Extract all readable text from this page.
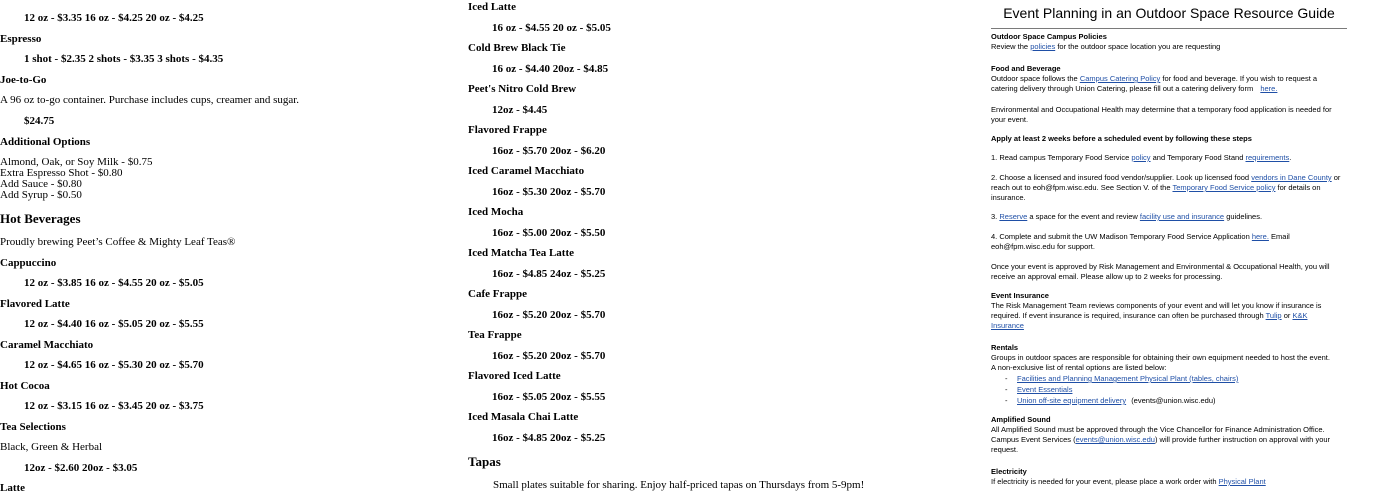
12 oz - $3.35 16 oz - $4.25 20 oz - $4.25
Espresso
1 shot - $2.35 2 shots - $3.35 3 shots - $4.35
Joe-to-Go
A 96 oz to-go container. Purchase includes cups, creamer and sugar.
$24.75
Additional Options
Almond, Oak, or Soy Milk - $0.75
Extra Espresso Shot - $0.80
Add Sauce - $0.80
Add Syrup - $0.50
Hot Beverages
Proudly brewing Peet’s Coffee & Mighty Leaf Teas®
Cappuccino
12 oz - $3.85 16 oz - $4.55 20 oz - $5.05
Flavored Latte
12 oz - $4.40 16 oz - $5.05 20 oz - $5.55
Caramel Macchiato
12 oz - $4.65 16 oz - $5.30 20 oz - $5.70
Hot Cocoa
12 oz - $3.15 16 oz - $3.45 20 oz - $3.75
Tea Selections
Black, Green & Herbal
12oz - $2.60 20oz - $3.05
Latte
Iced Latte
16 oz - $4.55 20 oz - $5.05
Cold Brew Black Tie
16 oz - $4.40 20oz - $4.85
Peet's Nitro Cold Brew
12oz - $4.45
Flavored Frappe
16oz - $5.70 20oz - $6.20
Iced Caramel Macchiato
16oz - $5.30 20oz - $5.70
Iced Mocha
16oz - $5.00 20oz - $5.50
Iced Matcha Tea Latte
16oz - $4.85 24oz - $5.25
Cafe Frappe
16oz - $5.20 20oz - $5.70
Tea Frappe
16oz - $5.20 20oz - $5.70
Flavored Iced Latte
16oz - $5.05 20oz - $5.55
Iced Masala Chai Latte
16oz - $4.85 20oz - $5.25
Tapas
Small plates suitable for sharing. Enjoy half-priced tapas on Thursdays from 5-9pm!
Event Planning in an Outdoor Space Resource Guide
Outdoor Space Campus Policies
Review the policies for the outdoor space location you are requesting
Food and Beverage
Outdoor space follows the Campus Catering Policy for food and beverage. If you wish to request a
catering delivery through Union Catering, please fill out a catering delivery form here.
Environmental and Occupational Health may determine that a temporary food application is needed for
your event.
Apply at least 2 weeks before a scheduled event by following these steps
1. Read campus Temporary Food Service policy and Temporary Food Stand requirements.
2. Choose a licensed and insured food vendor/supplier. Look up licensed food vendors in Dane County or
reach out to eoh@fpm.wisc.edu. See Section V. of the Temporary Food Service policy for details on
insurance.
3. Reserve a space for the event and review facility use and insurance guidelines.
4. Complete and submit the UW Madison Temporary Food Service Application here. Email
eoh@fpm.wisc.edu for support.
Once your event is approved by Risk Management and Environmental & Occupational Health, you will
receive an approval email. Please allow up to 2 weeks for processing.
Event Insurance
The Risk Management Team reviews components of your event and will let you know if insurance is
required. If event insurance is required, insurance can often be purchased through Tulip or K&K
Insurance
Rentals
Groups in outdoor spaces are responsible for obtaining their own equipment needed to host the event.
A non-exclusive list of rental options are listed below:
- Facilities and Planning Management Physical Plant (tables, chairs)
- Event Essentials
- Union off-site equipment delivery (events@union.wisc.edu)
Amplified Sound
All Amplified Sound must be approved through the Vice Chancellor for Finance Administration Office.
Campus Event Services (events@union.wisc.edu) will provide further instruction on approval with your
request.
Electricity
If electricity is needed for your event, please place a work order with Physical Plant
